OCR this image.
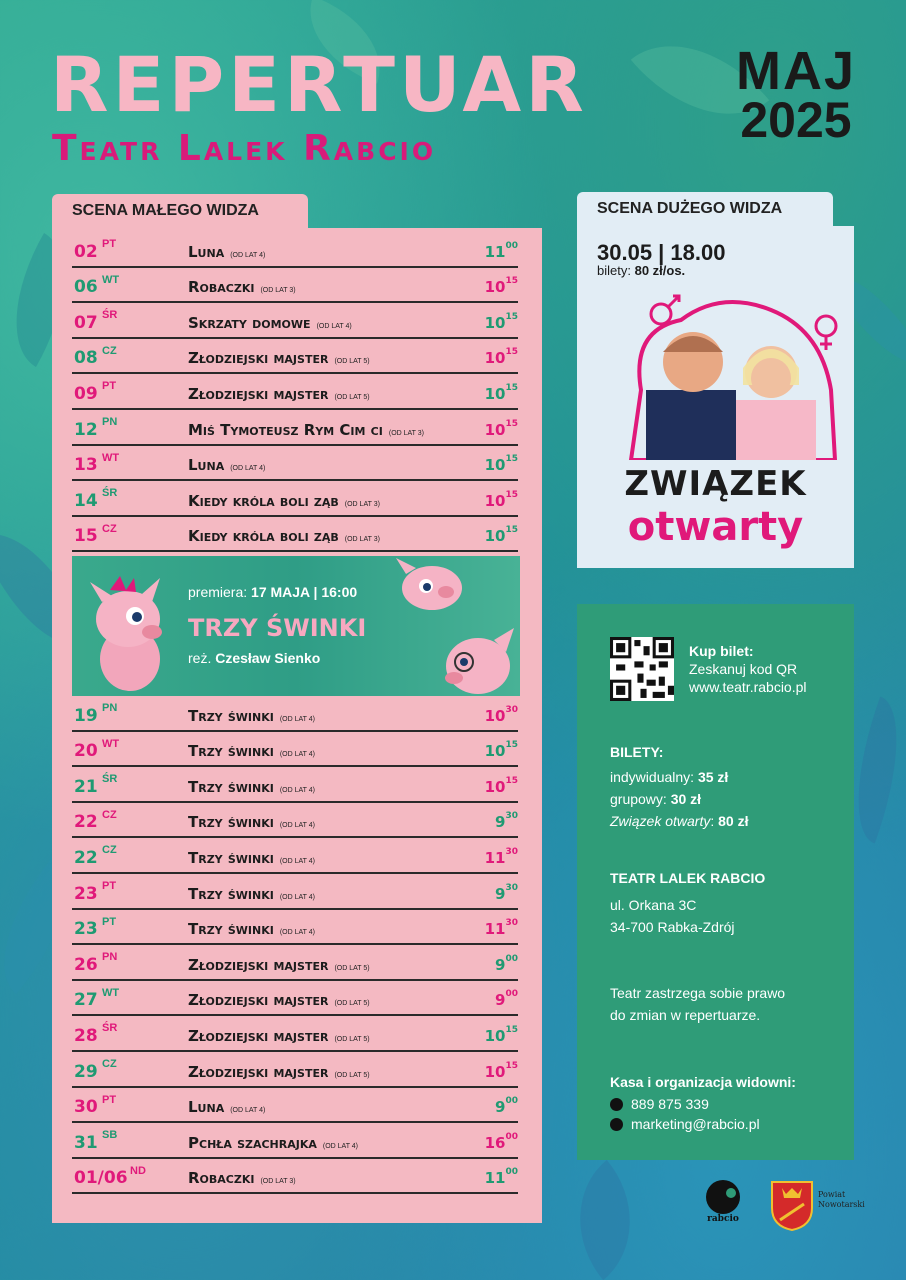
REPERTUAR
Teatr Lalek Rabcio
MAJ
2025
SCENA MAŁEGO WIDZA
02 PT	Luna (OD LAT 4)	$11^{00}$
06 WT	Robaczki (OD LAT 3)	$10^{15}$
07 ŚR	Skrzaty domowe (OD LAT 4)	$10^{15}$
08 CZ	Złodziejski majster (OD LAT 5)	$10^{15}$
09 PT	Złodziejski majster (OD LAT 5)	$10^{15}$
12 PN	Miś Tymoteusz Rym Cim ci (OD LAT 3)	$10^{15}$
13 WT	Luna (OD LAT 4)	$10^{15}$
14 ŚR	Kiedy króla boli ząb (OD LAT 3)	$10^{15}$
15 CZ	Kiedy króla boli ząb (OD LAT 3)	$10^{15}$
premiera: 17 MAJA | 16:00
TRZY ŚWINKI
reż. Czesław Sienko
19 PN	Trzy świnki (OD LAT 4)	$10^{30}$
20 WT	Trzy świnki (OD LAT 4)	$10^{15}$
21 ŚR	Trzy świnki (OD LAT 4)	$10^{15}$
22 CZ	Trzy świnki (OD LAT 4)	$9^{30}$
22 CZ	Trzy świnki (OD LAT 4)	$11^{30}$
23 PT	Trzy świnki (OD LAT 4)	$9^{30}$
23 PT	Trzy świnki (OD LAT 4)	$11^{30}$
26 PN	Złodziejski majster (OD LAT 5)	$9^{00}$
27 WT	Złodziejski majster (OD LAT 5)	$9^{00}$
28 ŚR	Złodziejski majster (OD LAT 5)	$10^{15}$
29 CZ	Złodziejski majster (OD LAT 5)	$10^{15}$
30 PT	Luna (OD LAT 4)	$9^{00}$
31 SB	Pchła szachrajka (OD LAT 4)	$16^{00}$
01/06 ND	Robaczki (OD LAT 3)	$11^{00}$
SCENA DUŻEGO WIDZA
30.05 | 18.00
bilety: 80 zł/os.
ZWIĄZEK
otwarty
Kup bilet:
Zeskanuj kod QR
www.teatr.rabcio.pl
BILETY:
indywidualny: 35 zł
grupowy: 30 zł
Związek otwarty: 80 zł
TEATR LALEK RABCIO
ul. Orkana 3C
34-700 Rabka-Zdrój
Teatr zastrzega sobie prawo
do zmian w repertuarze.
Kasa i organizacja widowni:
889 875 339
marketing@rabcio.pl
rabcio
Powiat
Nowotarski
